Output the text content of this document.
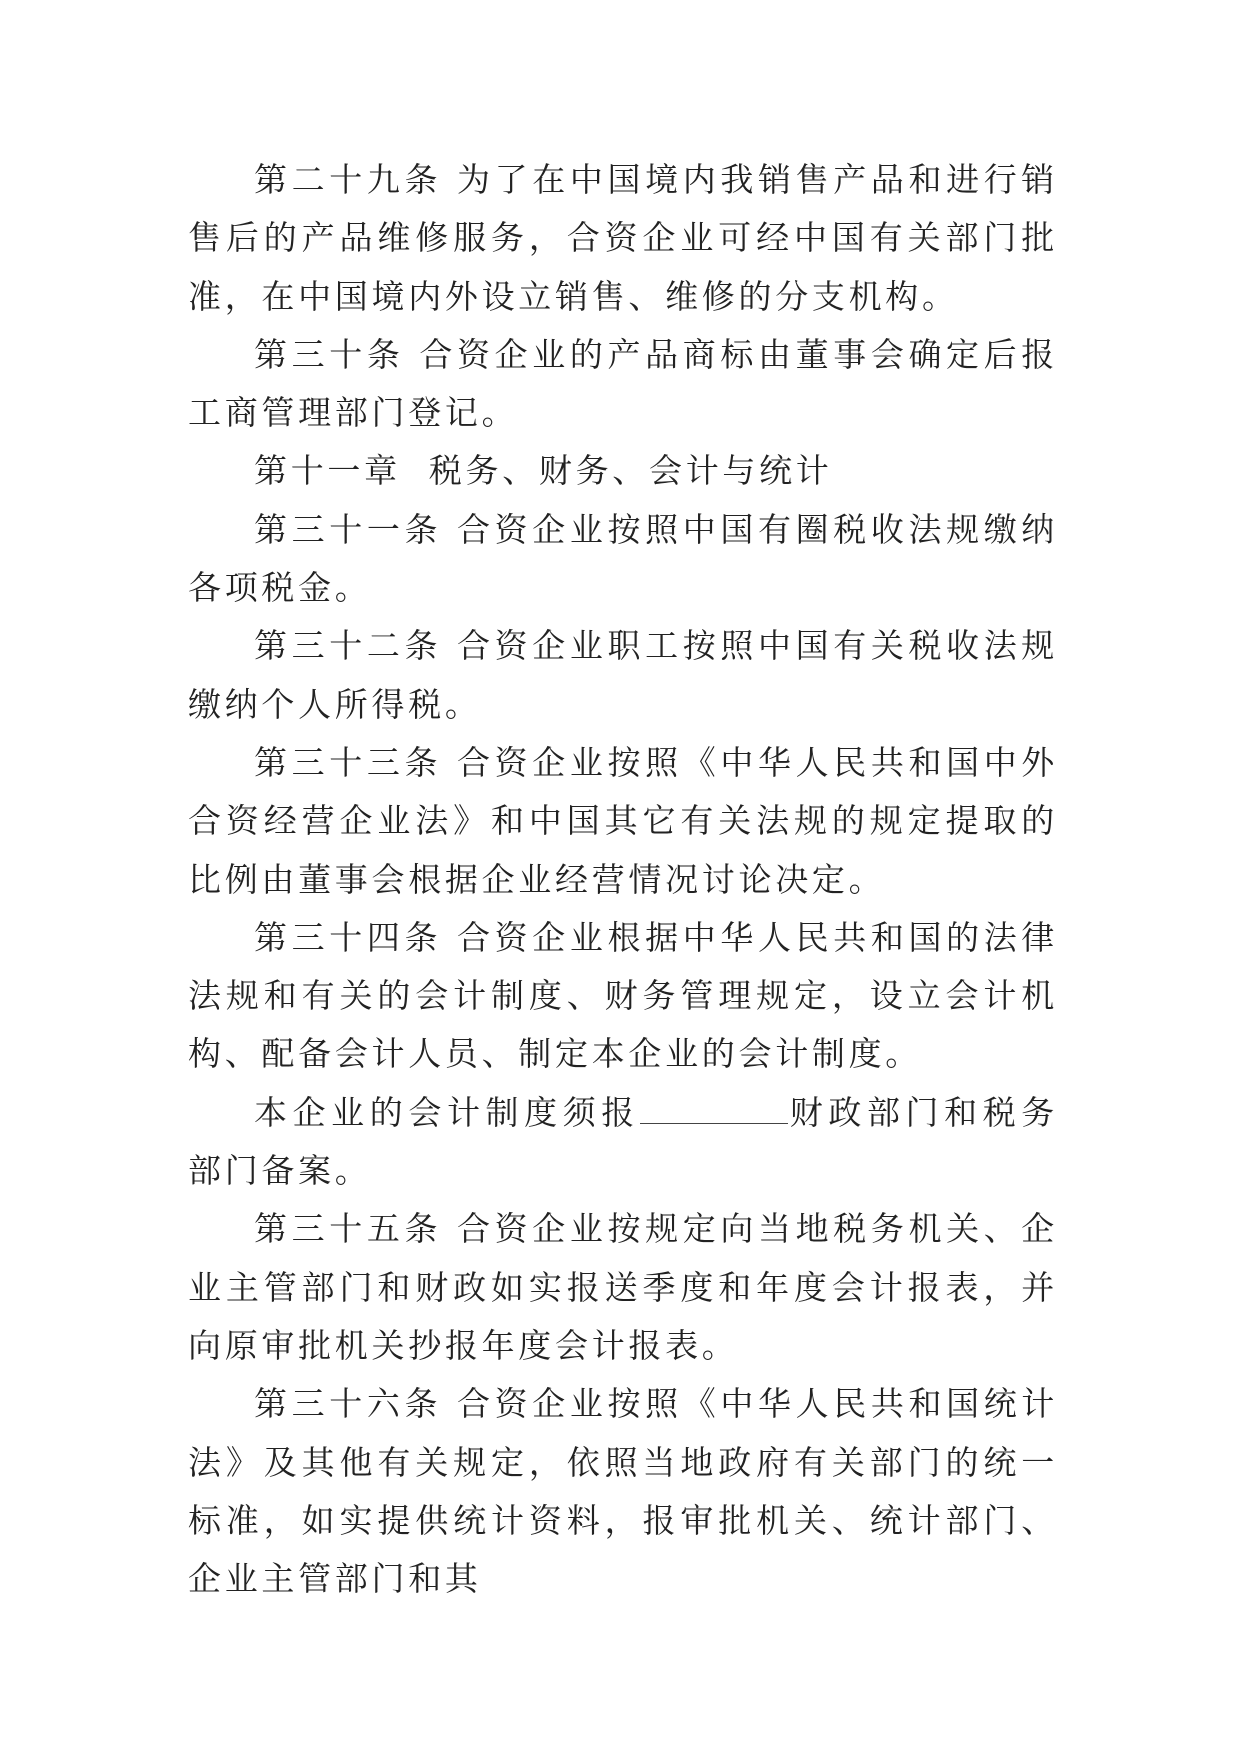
第二十九条 为了在中国境内我销售产品和进行销售后的产品维修服务，合资企业可经中国有关部门批准，在中国境内外设立销售、维修的分支机构。

第三十条 合资企业的产品商标由董事会确定后报工商管理部门登记。

第十一章 税务、财务、会计与统计

第三十一条 合资企业按照中国有圈税收法规缴纳各项税金。

第三十二条 合资企业职工按照中国有关税收法规缴纳个人所得税。

第三十三条 合资企业按照《中华人民共和国中外合资经营企业法》和中国其它有关法规的规定提取的比例由董事会根据企业经营情况讨论决定。

第三十四条 合资企业根据中华人民共和国的法律法规和有关的会计制度、财务管理规定，设立会计机构、配备会计人员、制定本企业的会计制度。

本企业的会计制度须报	财政部门和税务部门备案。

第三十五条 合资企业按规定向当地税务机关、企业主管部门和财政如实报送季度和年度会计报表，并向原审批机关抄报年度会计报表。

第三十六条 合资企业按照《中华人民共和国统计法》及其他有关规定，依照当地政府有关部门的统一标准，如实提供统计资料，报审批机关、统计部门、企业主管部门和其
